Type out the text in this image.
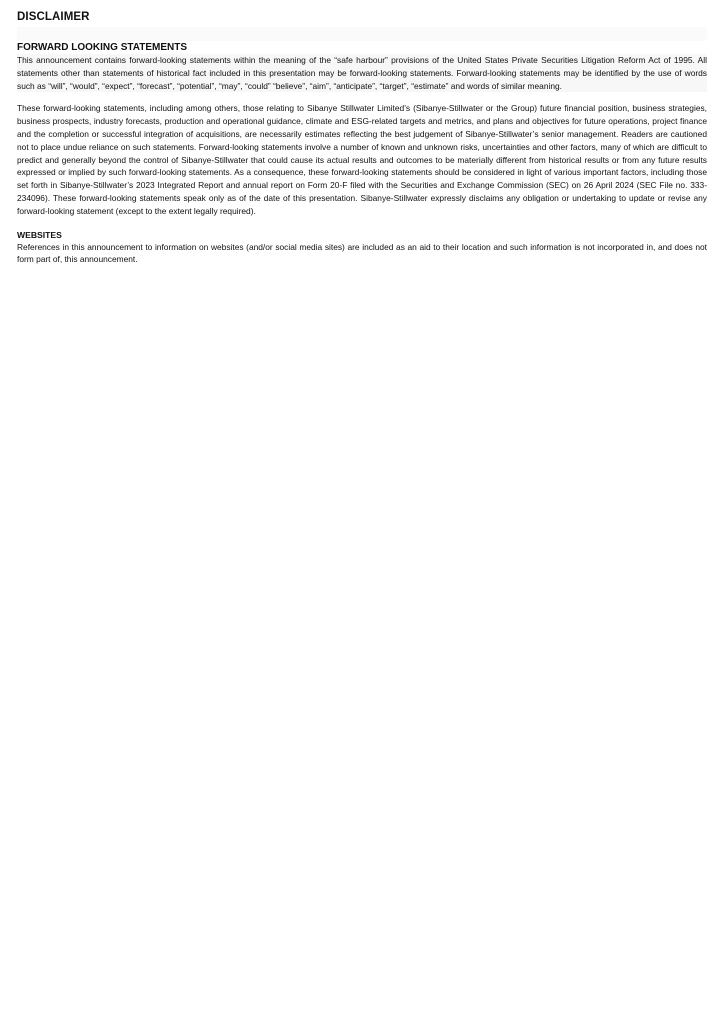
DISCLAIMER
FORWARD LOOKING STATEMENTS

This announcement contains forward-looking statements within the meaning of the “safe harbour” provisions of the United States Private Securities Litigation Reform Act of 1995. All statements other than statements of historical fact included in this presentation may be forward-looking statements. Forward-looking statements may be identified by the use of words such as “will”, “would”, “expect”, “forecast”, “potential”, “may”, “could” “believe”, “aim”, “anticipate”, “target”, “estimate” and words of similar meaning.

These forward-looking statements, including among others, those relating to Sibanye Stillwater Limited’s (Sibanye-Stillwater or the Group) future financial position, business strategies, business prospects, industry forecasts, production and operational guidance, climate and ESG-related targets and metrics, and plans and objectives for future operations, project finance and the completion or successful integration of acquisitions, are necessarily estimates reflecting the best judgement of Sibanye-Stillwater’s senior management. Readers are cautioned not to place undue reliance on such statements. Forward-looking statements involve a number of known and unknown risks, uncertainties and other factors, many of which are difficult to predict and generally beyond the control of Sibanye-Stillwater that could cause its actual results and outcomes to be materially different from historical results or from any future results expressed or implied by such forward-looking statements. As a consequence, these forward-looking statements should be considered in light of various important factors, including those set forth in Sibanye-Stillwater’s 2023 Integrated Report and annual report on Form 20-F filed with the Securities and Exchange Commission (SEC) on 26 April 2024 (SEC File no. 333-234096). These forward-looking statements speak only as of the date of this presentation. Sibanye-Stillwater expressly disclaims any obligation or undertaking to update or revise any forward-looking statement (except to the extent legally required).

WEBSITES

References in this announcement to information on websites (and/or social media sites) are included as an aid to their location and such information is not incorporated in, and does not form part of, this announcement.
